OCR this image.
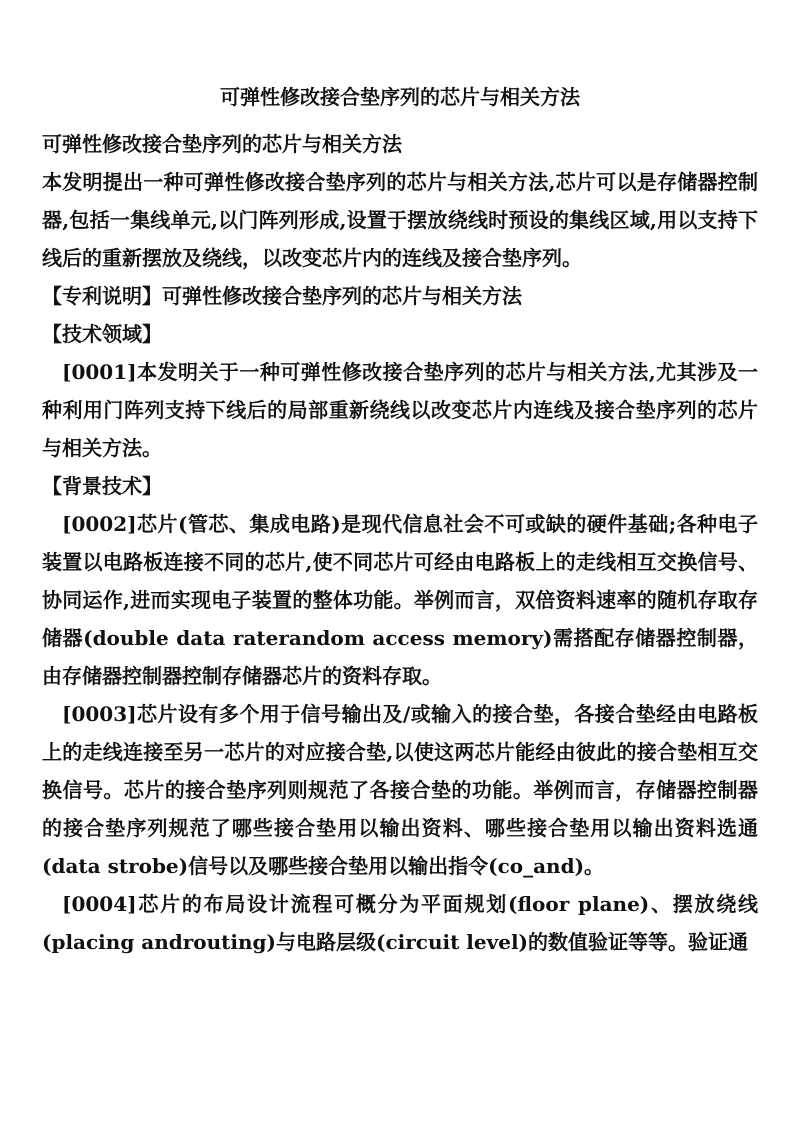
可弹性修改接合垫序列的芯片与相关方法
可弹性修改接合垫序列的芯片与相关方法

本发明提出一种可弹性修改接合垫序列的芯片与相关方法,芯片可以是存储器控制器,包括一集线单元,以门阵列形成,设置于摆放绕线时预设的集线区域,用以支持下线后的重新摆放及绕线，以改变芯片内的连线及接合垫序列。

【专利说明】可弹性修改接合垫序列的芯片与相关方法

【技术领域】

[0001]本发明关于一种可弹性修改接合垫序列的芯片与相关方法,尤其涉及一种利用门阵列支持下线后的局部重新绕线以改变芯片内连线及接合垫序列的芯片与相关方法。

【背景技术】

[0002]芯片(管芯、集成电路)是现代信息社会不可或缺的硬件基础;各种电子装置以电路板连接不同的芯片,使不同芯片可经由电路板上的走线相互交换信号、协同运作,进而实现电子装置的整体功能。举例而言，双倍资料速率的随机存取存储器(double data raterandom access memory)需搭配存储器控制器，由存储器控制器控制存储器芯片的资料存取。

[0003]芯片设有多个用于信号输出及/或输入的接合垫，各接合垫经由电路板上的走线连接至另一芯片的对应接合垫,以使这两芯片能经由彼此的接合垫相互交换信号。芯片的接合垫序列则规范了各接合垫的功能。举例而言，存储器控制器的接合垫序列规范了哪些接合垫用以输出资料、哪些接合垫用以输出资料选通(data strobe)信号以及哪些接合垫用以输出指令(co_and)。

[0004]芯片的布局设计流程可概分为平面规划(floor plane)、摆放绕线(placing androuting)与电路层级(circuit level)的数值验证等等。验证通
